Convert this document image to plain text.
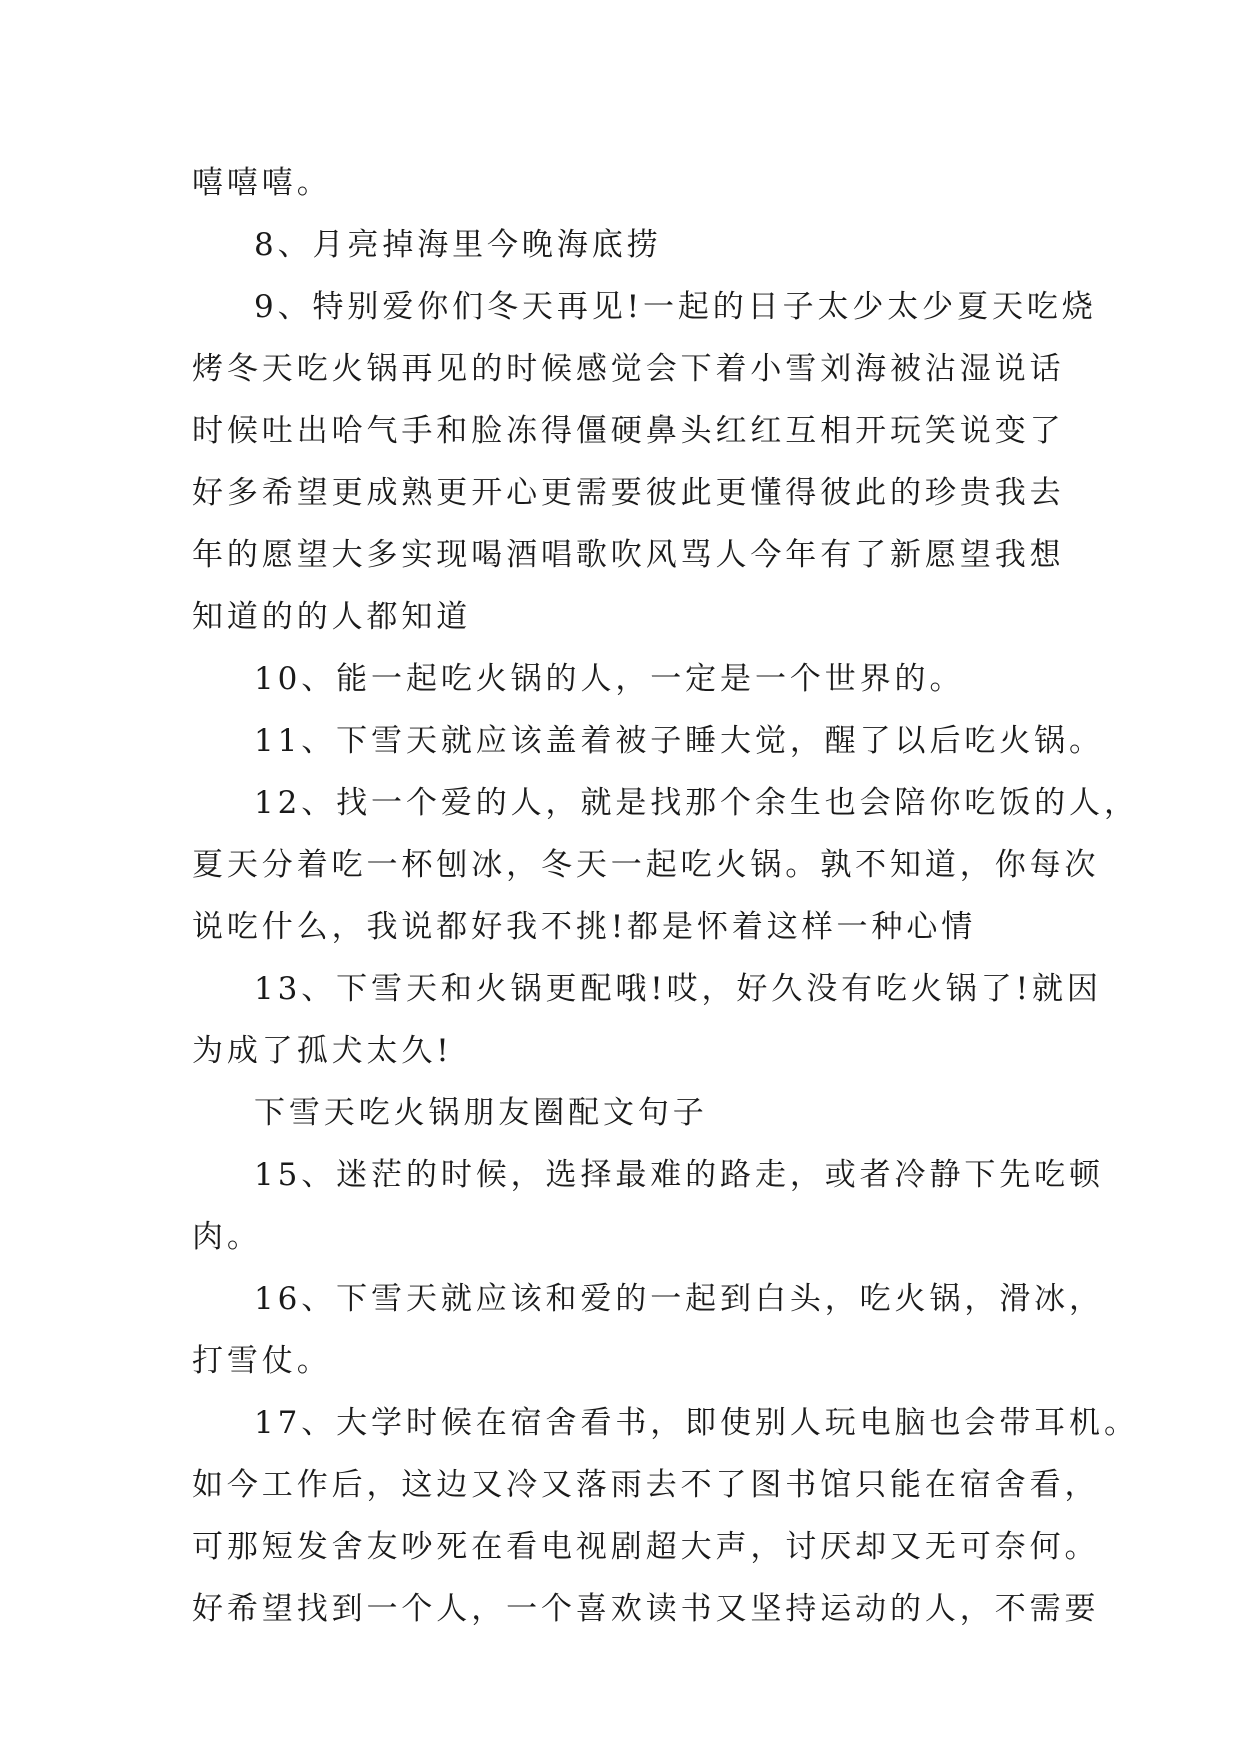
嘻嘻嘻。
8、月亮掉海里今晚海底捞
9、特别爱你们冬天再见!一起的日子太少太少夏天吃烧
烤冬天吃火锅再见的时候感觉会下着小雪刘海被沾湿说话
时候吐出哈气手和脸冻得僵硬鼻头红红互相开玩笑说变了
好多希望更成熟更开心更需要彼此更懂得彼此的珍贵我去
年的愿望大多实现喝酒唱歌吹风骂人今年有了新愿望我想
知道的的人都知道
10、能一起吃火锅的人，一定是一个世界的。
11、下雪天就应该盖着被子睡大觉，醒了以后吃火锅。
12、找一个爱的人，就是找那个余生也会陪你吃饭的人，
夏天分着吃一杯刨冰，冬天一起吃火锅。孰不知道，你每次
说吃什么，我说都好我不挑!都是怀着这样一种心情
13、下雪天和火锅更配哦!哎，好久没有吃火锅了!就因
为成了孤犬太久!
下雪天吃火锅朋友圈配文句子
15、迷茫的时候，选择最难的路走，或者冷静下先吃顿
肉。
16、下雪天就应该和爱的一起到白头，吃火锅，滑冰，
打雪仗。
17、大学时候在宿舍看书，即使别人玩电脑也会带耳机。
如今工作后，这边又冷又落雨去不了图书馆只能在宿舍看，
可那短发舍友吵死在看电视剧超大声，讨厌却又无可奈何。
好希望找到一个人，一个喜欢读书又坚持运动的人，不需要
